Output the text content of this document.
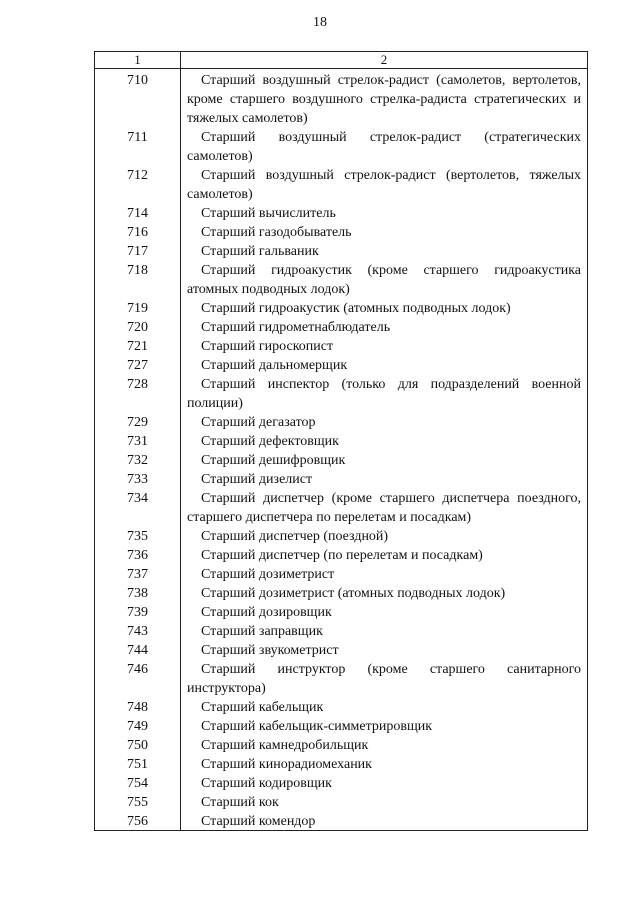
18
1	2
710	Старший воздушный стрелок-радист (самолетов, вертолетов, кроме старшего воздушного стрелка-радиста стратегических и тяжелых самолетов)
711	Старший воздушный стрелок-радист (стратегических самолетов)
712	Старший воздушный стрелок-радист (вертолетов, тяжелых самолетов)
714	Старший вычислитель
716	Старший газодобыватель
717	Старший гальваник
718	Старший гидроакустик (кроме старшего гидроакустика атомных подводных лодок)
719	Старший гидроакустик (атомных подводных лодок)
720	Старший гидрометнаблюдатель
721	Старший гироскопист
727	Старший дальномерщик
728	Старший инспектор (только для подразделений военной полиции)
729	Старший дегазатор
731	Старший дефектовщик
732	Старший дешифровщик
733	Старший дизелист
734	Старший диспетчер (кроме старшего диспетчера поездного, старшего диспетчера по перелетам и посадкам)
735	Старший диспетчер (поездной)
736	Старший диспетчер (по перелетам и посадкам)
737	Старший дозиметрист
738	Старший дозиметрист (атомных подводных лодок)
739	Старший дозировщик
743	Старший заправщик
744	Старший звукометрист
746	Старший инструктор (кроме старшего санитарного инструктора)
748	Старший кабельщик
749	Старший кабельщик-симметрировщик
750	Старший камнедробильщик
751	Старший кинорадиомеханик
754	Старший кодировщик
755	Старший кок
756	Старший комендор
